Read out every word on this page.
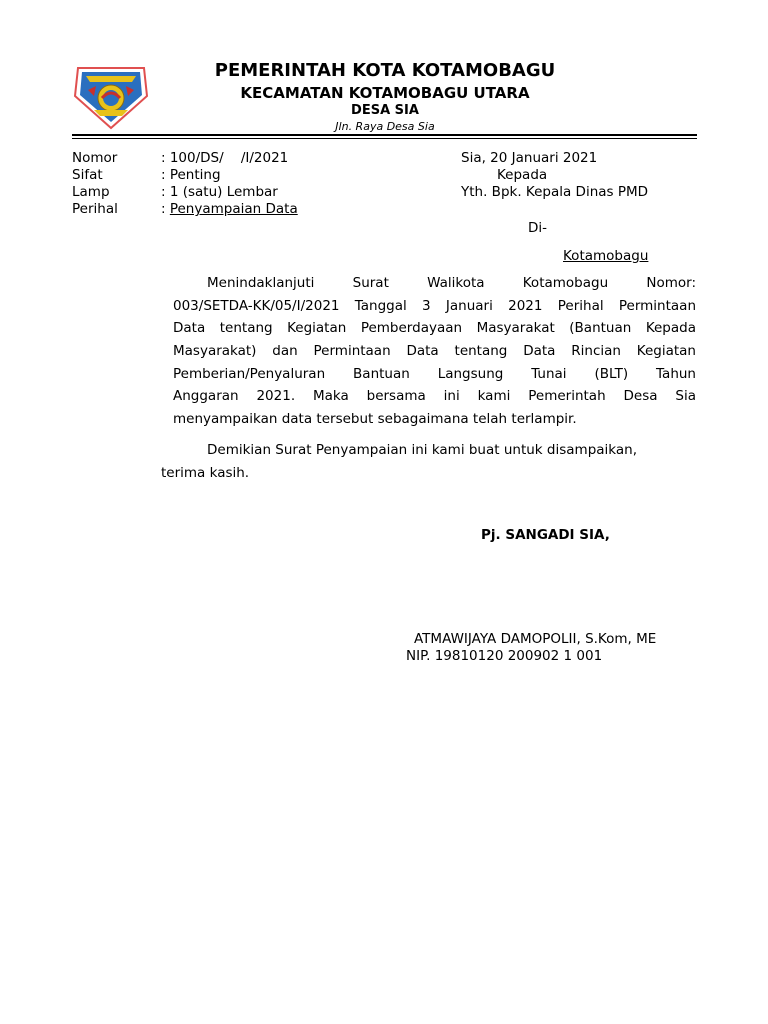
PEMERINTAH KOTA KOTAMOBAGU
KECAMATAN KOTAMOBAGU UTARA
DESA SIA
Jln. Raya Desa Sia
Nomor	: 100/DS/    /I/2021
Sifat	: Penting
Lamp	: 1 (satu) Lembar
Perihal	: Penyampaian Data
Sia, 20 Januari 2021
Kepada
Yth. Bpk. Kepala Dinas PMD
Di-
Kotamobagu
Menindaklanjuti Surat Walikota Kotamobagu Nomor:
003/SETDA-KK/05/I/2021 Tanggal 3 Januari 2021 Perihal Permintaan
Data tentang Kegiatan Pemberdayaan Masyarakat (Bantuan Kepada
Masyarakat) dan Permintaan Data tentang Data Rincian Kegiatan
Pemberian/Penyaluran Bantuan Langsung Tunai (BLT) Tahun
Anggaran 2021. Maka bersama ini kami Pemerintah Desa Sia
menyampaikan data tersebut sebagaimana telah terlampir.
Demikian Surat Penyampaian ini kami buat untuk disampaikan,
terima kasih.
Pj. SANGADI SIA,
ATMAWIJAYA DAMOPOLII, S.Kom, ME
NIP. 19810120 200902 1 001
